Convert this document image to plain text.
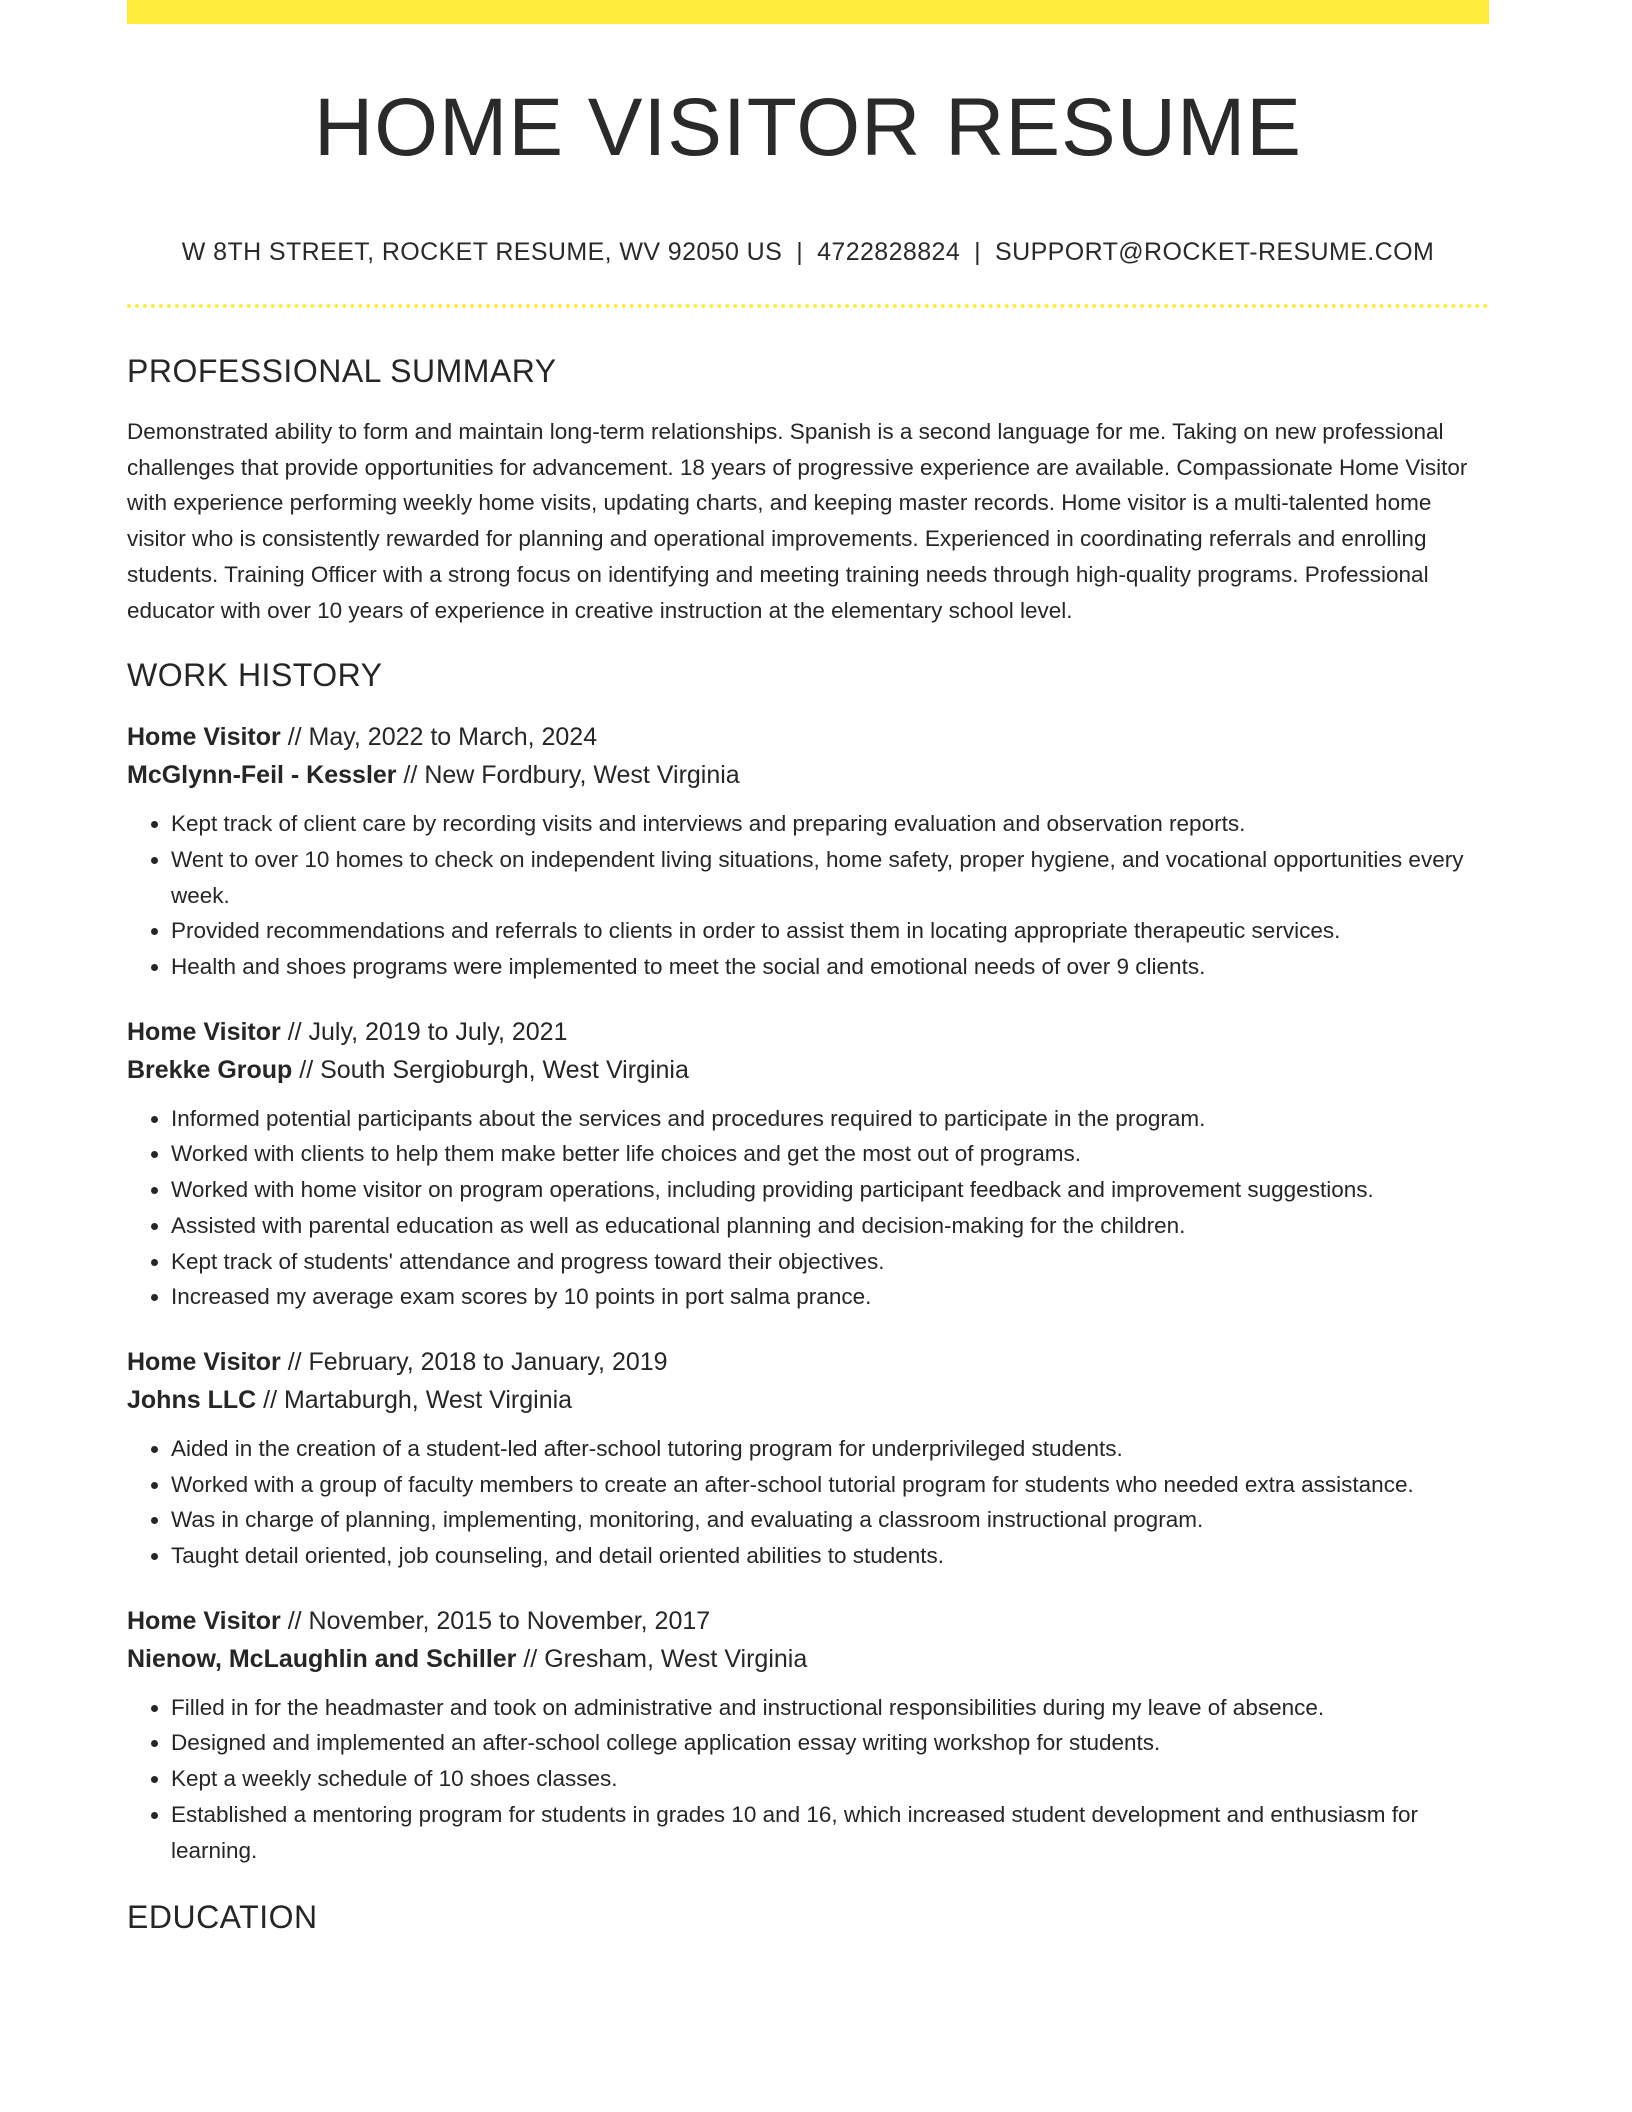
HOME VISITOR RESUME
W 8TH STREET, ROCKET RESUME, WV 92050 US | 4722828824 | SUPPORT@ROCKET-RESUME.COM
PROFESSIONAL SUMMARY

Demonstrated ability to form and maintain long-term relationships. Spanish is a second language for me. Taking on new professional challenges that provide opportunities for advancement. 18 years of progressive experience are available. Compassionate Home Visitor with experience performing weekly home visits, updating charts, and keeping master records. Home visitor is a multi-talented home visitor who is consistently rewarded for planning and operational improvements. Experienced in coordinating referrals and enrolling students. Training Officer with a strong focus on identifying and meeting training needs through high-quality programs. Professional educator with over 10 years of experience in creative instruction at the elementary school level.

WORK HISTORY
Home Visitor // May, 2022 to March, 2024
McGlynn-Feil - Kessler // New Fordbury, West Virginia
• Kept track of client care by recording visits and interviews and preparing evaluation and observation reports.
• Went to over 10 homes to check on independent living situations, home safety, proper hygiene, and vocational opportunities every week.
• Provided recommendations and referrals to clients in order to assist them in locating appropriate therapeutic services.
• Health and shoes programs were implemented to meet the social and emotional needs of over 9 clients.
Home Visitor // July, 2019 to July, 2021
Brekke Group // South Sergioburgh, West Virginia
• Informed potential participants about the services and procedures required to participate in the program.
• Worked with clients to help them make better life choices and get the most out of programs.
• Worked with home visitor on program operations, including providing participant feedback and improvement suggestions.
• Assisted with parental education as well as educational planning and decision-making for the children.
• Kept track of students' attendance and progress toward their objectives.
• Increased my average exam scores by 10 points in port salma prance.
Home Visitor // February, 2018 to January, 2019
Johns LLC // Martaburgh, West Virginia
• Aided in the creation of a student-led after-school tutoring program for underprivileged students.
• Worked with a group of faculty members to create an after-school tutorial program for students who needed extra assistance.
• Was in charge of planning, implementing, monitoring, and evaluating a classroom instructional program.
• Taught detail oriented, job counseling, and detail oriented abilities to students.
Home Visitor // November, 2015 to November, 2017
Nienow, McLaughlin and Schiller // Gresham, West Virginia
• Filled in for the headmaster and took on administrative and instructional responsibilities during my leave of absence.
• Designed and implemented an after-school college application essay writing workshop for students.
• Kept a weekly schedule of 10 shoes classes.
• Established a mentoring program for students in grades 10 and 16, which increased student development and enthusiasm for learning.
EDUCATION
